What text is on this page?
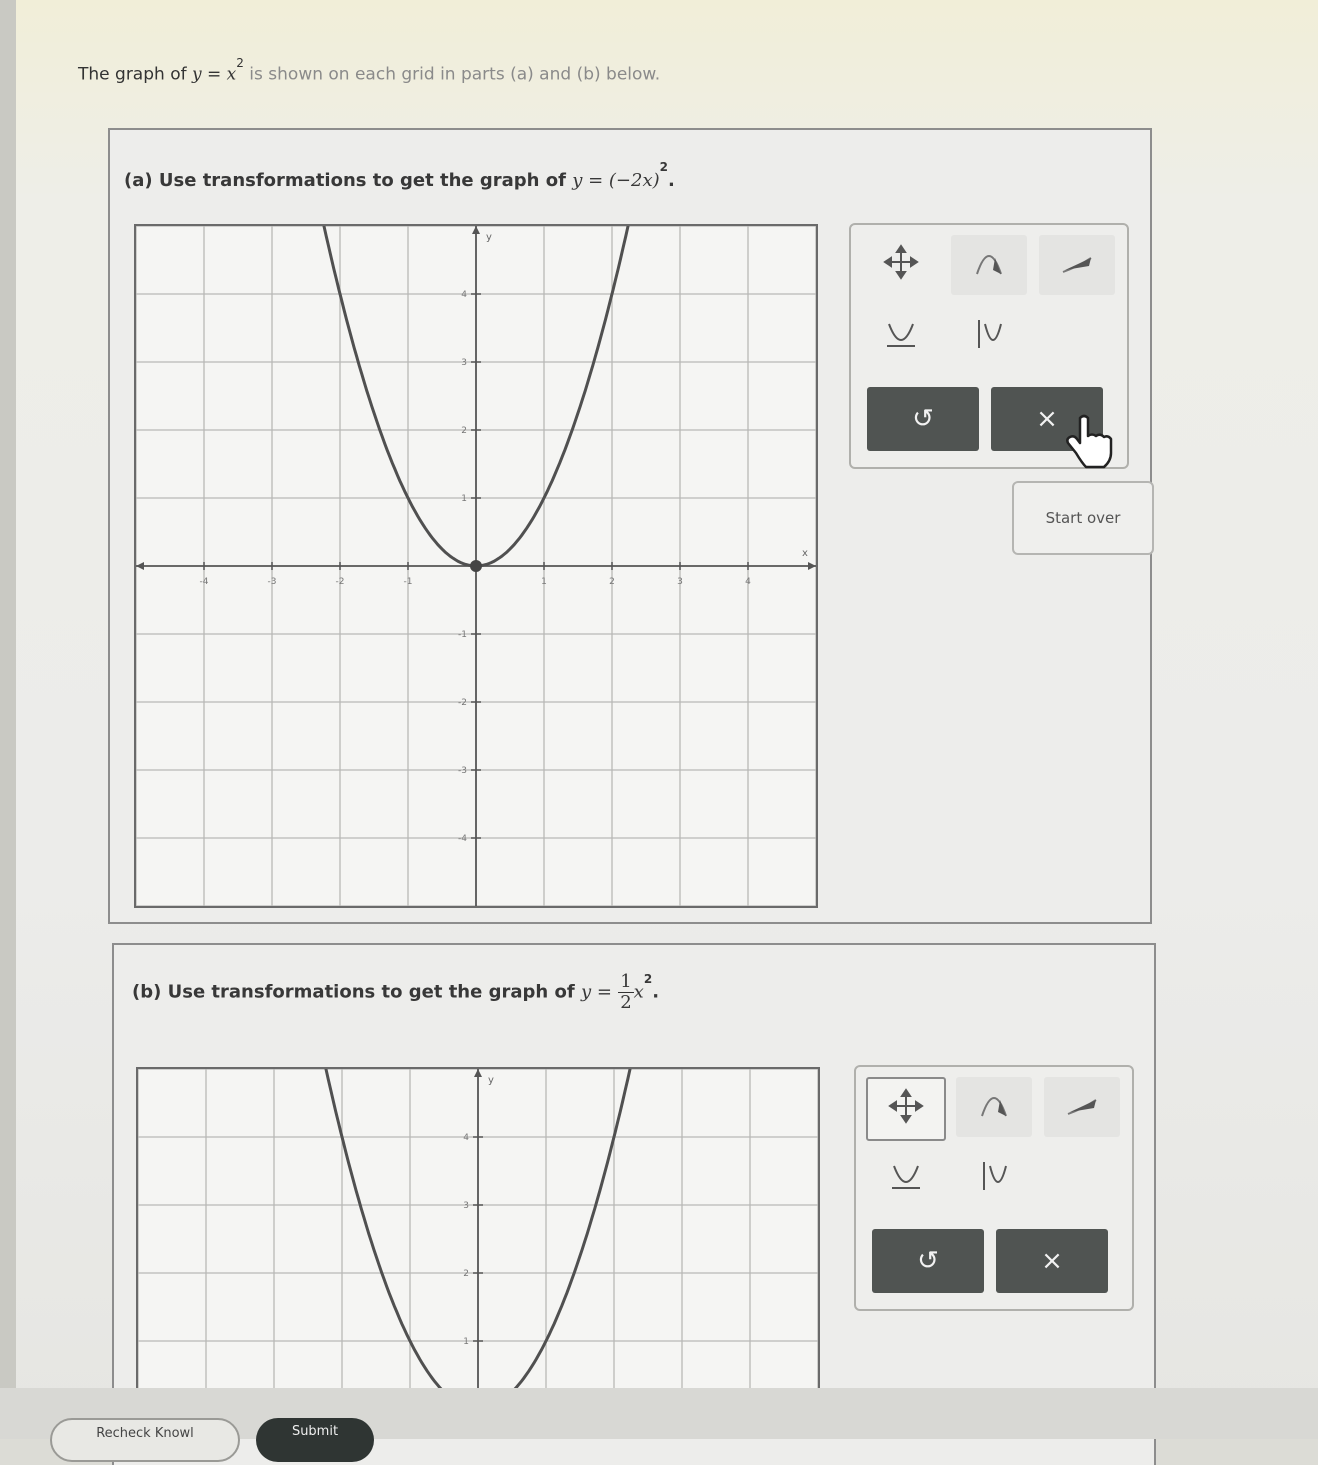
The graph of $y = x^2$ is shown on each grid in parts (a) and (b) below.
(a) Use transformations to get the graph of $y = (-2x)^2$.
x
y
-4	-3	-2	-1	1	2	3	4
-4
-3
-2
-1
1
2
3
4
↺	×
Start over
(b) Use transformations to get the graph of $y = \frac{1}{2} x^2$.
y
1
2
3
4
↺	×
Recheck Knowl	Submit
